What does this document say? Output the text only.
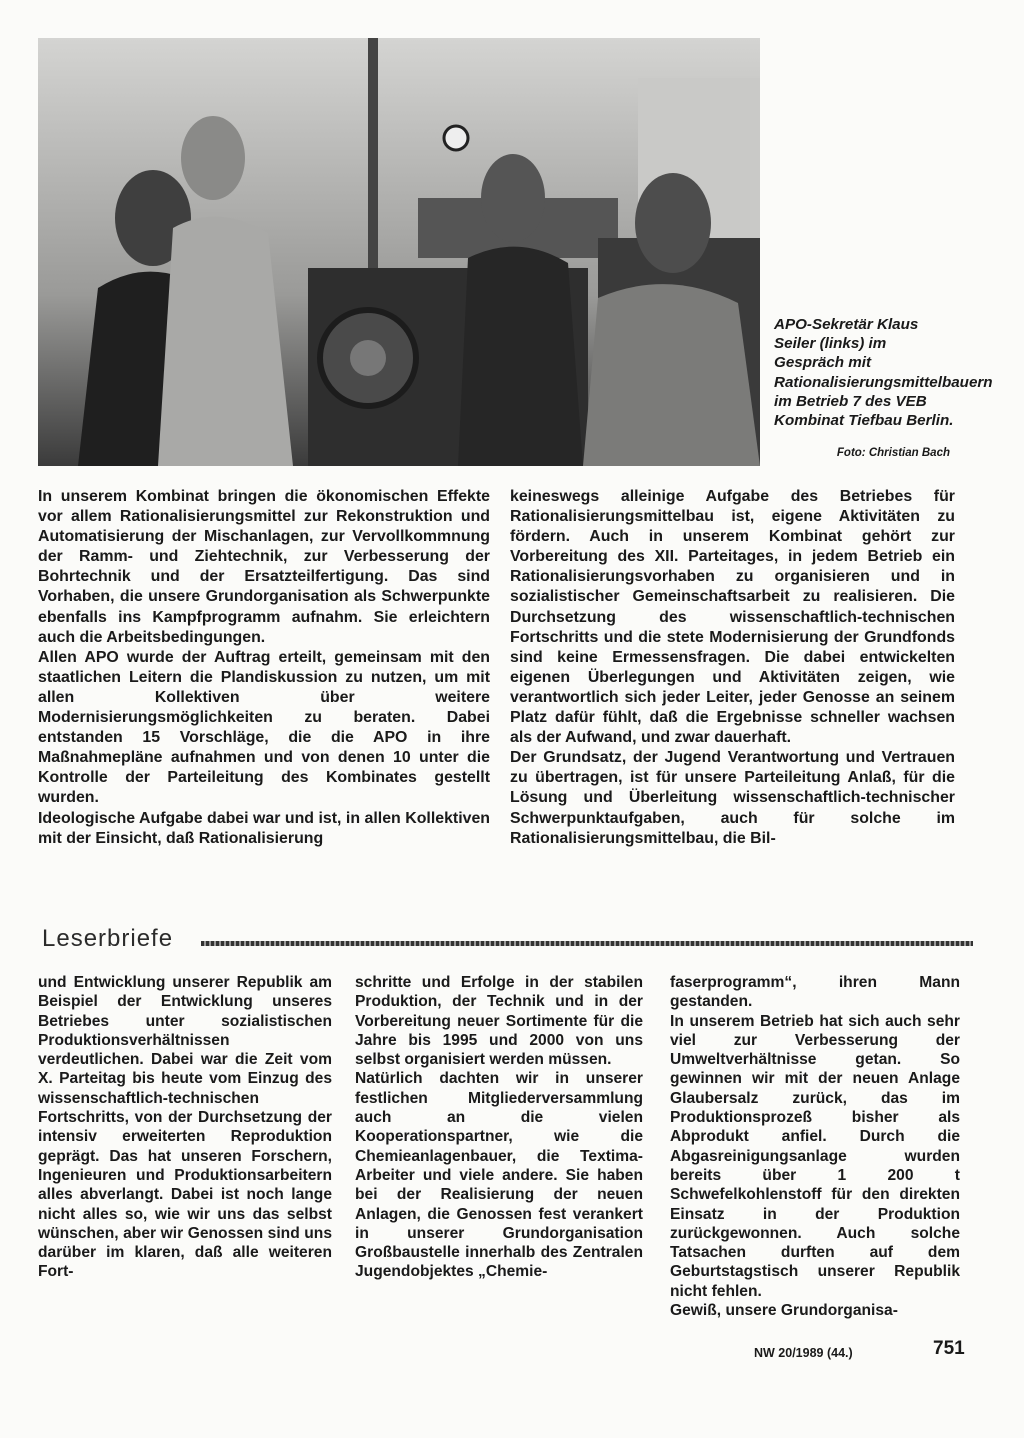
APO-Sekretär Klaus Seiler (links) im Gespräch mit Rationalisierungsmittelbauern im Betrieb 7 des VEB Kombinat Tiefbau Berlin.
Foto: Christian Bach

In unserem Kombinat bringen die ökonomischen Effekte vor allem Rationalisierungsmittel zur Rekonstruktion und Automatisierung der Mischanlagen, zur Vervollkommnung der Ramm- und Ziehtechnik, zur Verbesserung der Bohrtechnik und der Ersatzteilfertigung. Das sind Vorhaben, die unsere Grundorganisation als Schwerpunkte ebenfalls ins Kampfprogramm aufnahm. Sie erleichtern auch die Arbeitsbedingungen.

Allen APO wurde der Auftrag erteilt, gemeinsam mit den staatlichen Leitern die Plandiskussion zu nutzen, um mit allen Kollektiven über weitere Modernisierungsmöglichkeiten zu beraten. Dabei entstanden 15 Vorschläge, die die APO in ihre Maßnahmepläne aufnahmen und von denen 10 unter die Kontrolle der Parteileitung des Kombinates gestellt wurden.

Ideologische Aufgabe dabei war und ist, in allen Kollektiven mit der Einsicht, daß Rationalisierung

keineswegs alleinige Aufgabe des Betriebes für Rationalisierungsmittelbau ist, eigene Aktivitäten zu fördern. Auch in unserem Kombinat gehört zur Vorbereitung des XII. Parteitages, in jedem Betrieb ein Rationalisierungsvorhaben zu organisieren und in sozialistischer Gemeinschaftsarbeit zu realisieren. Die Durchsetzung des wissenschaftlich-technischen Fortschritts und die stete Modernisierung der Grundfonds sind keine Ermessensfragen. Die dabei entwickelten eigenen Überlegungen und Aktivitäten zeigen, wie verantwortlich sich jeder Leiter, jeder Genosse an seinem Platz dafür fühlt, daß die Ergebnisse schneller wachsen als der Aufwand, und zwar dauerhaft.

Der Grundsatz, der Jugend Verantwortung und Vertrauen zu übertragen, ist für unsere Parteileitung Anlaß, für die Lösung und Überleitung wissenschaftlich-technischer Schwerpunktaufgaben, auch für solche im Rationalisierungsmittelbau, die Bil-

Leserbriefe

und Entwicklung unserer Republik am Beispiel der Entwicklung unseres Betriebes unter sozialistischen Produktionsverhältnissen verdeutlichen. Dabei war die Zeit vom X. Parteitag bis heute vom Einzug des wissenschaftlich-technischen Fortschritts, von der Durchsetzung der intensiv erweiterten Reproduktion geprägt. Das hat unseren Forschern, Ingenieuren und Produktionsarbeitern alles abverlangt. Dabei ist noch lange nicht alles so, wie wir uns das selbst wünschen, aber wir Genossen sind uns darüber im klaren, daß alle weiteren Fort-

schritte und Erfolge in der stabilen Produktion, der Technik und in der Vorbereitung neuer Sortimente für die Jahre bis 1995 und 2000 von uns selbst organisiert werden müssen.

Natürlich dachten wir in unserer festlichen Mitgliederversammlung auch an die vielen Kooperationspartner, wie die Chemieanlagenbauer, die Textima-Arbeiter und viele andere. Sie haben bei der Realisierung der neuen Anlagen, die Genossen fest verankert in unserer Grundorganisation Großbaustelle innerhalb des Zentralen Jugendobjektes „Chemie-

faserprogramm“, ihren Mann gestanden.

In unserem Betrieb hat sich auch sehr viel zur Verbesserung der Umweltverhältnisse getan. So gewinnen wir mit der neuen Anlage Glaubersalz zurück, das im Produktionsprozeß bisher als Abprodukt anfiel. Durch die Abgasreinigungsanlage wurden bereits über 1 200 t Schwefelkohlenstoff für den direkten Einsatz in der Produktion zurückgewonnen. Auch solche Tatsachen durften auf dem Geburtstagstisch unserer Republik nicht fehlen.

Gewiß, unsere Grundorganisa-

NW 20/1989 (44.)	751
